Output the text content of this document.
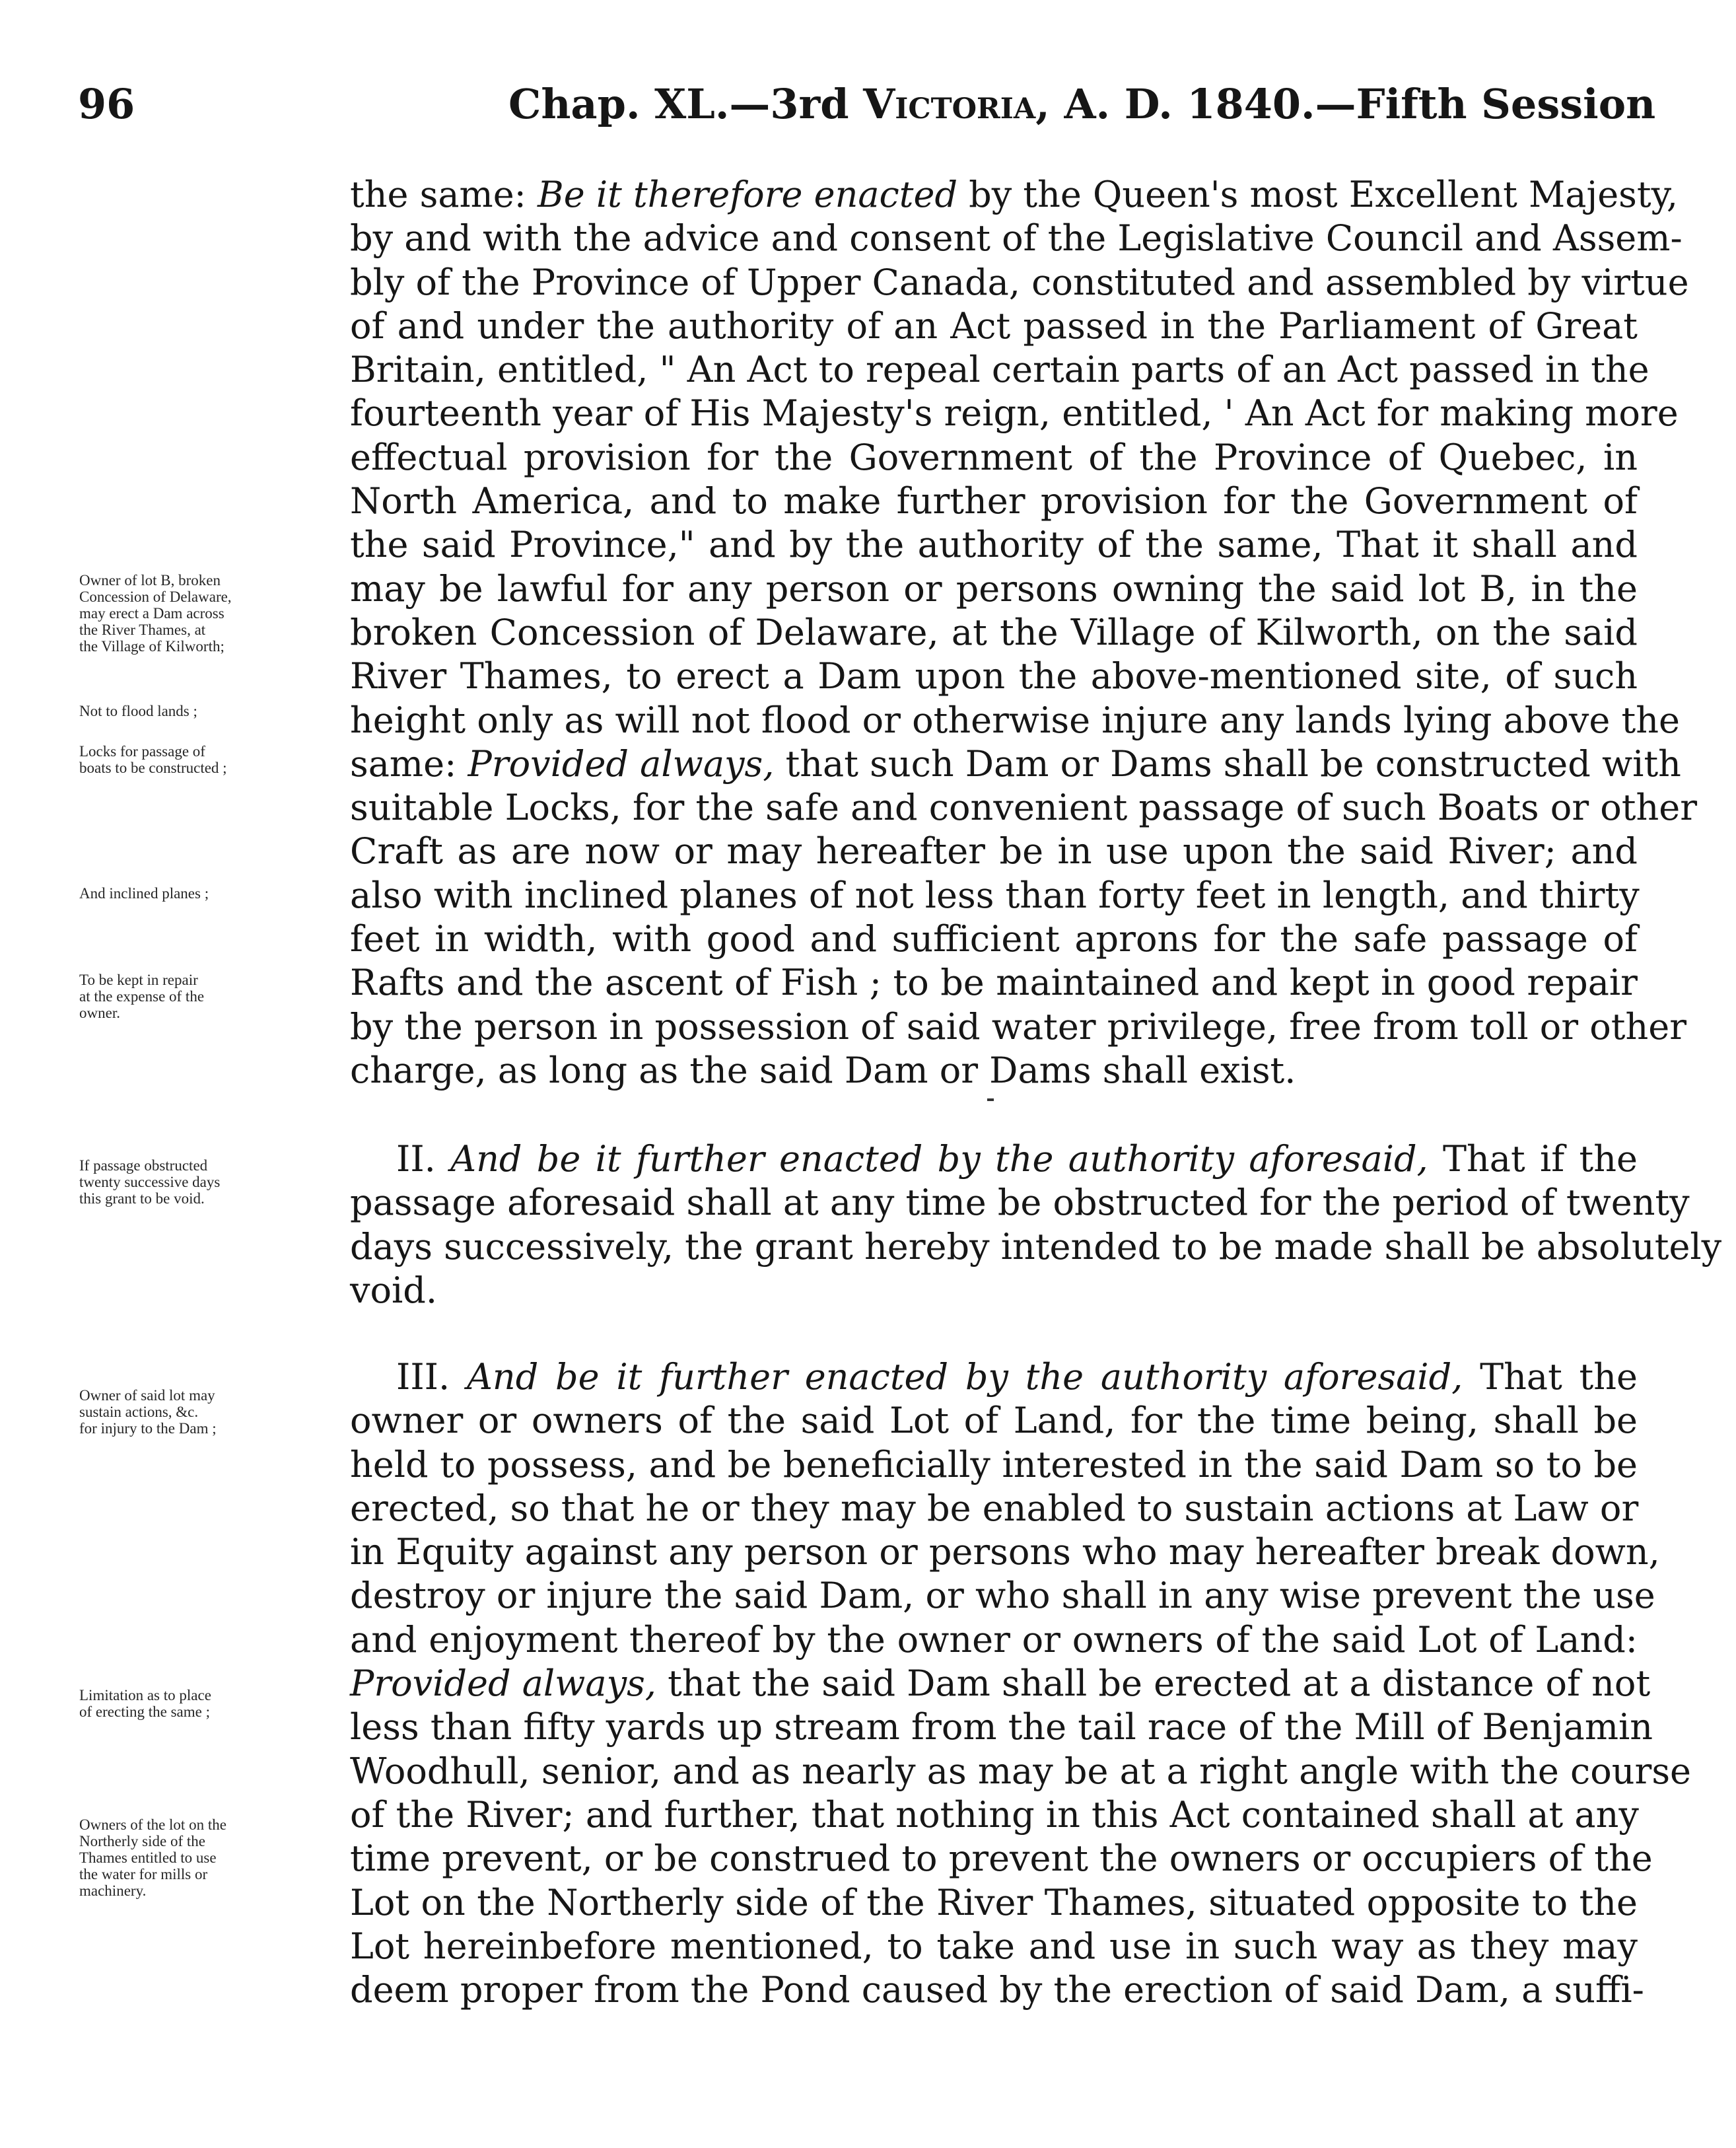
96	Chap. XL.—3rd Victoria, A. D. 1840.—Fifth Session
the same: Be it therefore enacted by the Queen's most Excellent Majesty,
by and with the advice and consent of the Legislative Council and Assem-
bly of the Province of Upper Canada, constituted and assembled by virtue
of and under the authority of an Act passed in the Parliament of Great
Britain, entitled, " An Act to repeal certain parts of an Act passed in the
fourteenth year of His Majesty's reign, entitled, ' An Act for making more
effectual provision for the Government of the Province of Quebec, in
North America, and to make further provision for the Government of
the said Province," and by the authority of the same, That it shall and
may be lawful for any person or persons owning the said lot B, in the
broken Concession of Delaware, at the Village of Kilworth, on the said
River Thames, to erect a Dam upon the above-mentioned site, of such
height only as will not flood or otherwise injure any lands lying above the
same: Provided always, that such Dam or Dams shall be constructed with
suitable Locks, for the safe and convenient passage of such Boats or other
Craft as are now or may hereafter be in use upon the said River; and
also with inclined planes of not less than forty feet in length, and thirty
feet in width, with good and sufficient aprons for the safe passage of
Rafts and the ascent of Fish ; to be maintained and kept in good repair
by the person in possession of said water privilege, free from toll or other
charge, as long as the said Dam or Dams shall exist.
II. And be it further enacted by the authority aforesaid, That if the
passage aforesaid shall at any time be obstructed for the period of twenty
days successively, the grant hereby intended to be made shall be absolutely
void.
III. And be it further enacted by the authority aforesaid, That the
owner or owners of the said Lot of Land, for the time being, shall be
held to possess, and be beneficially interested in the said Dam so to be
erected, so that he or they may be enabled to sustain actions at Law or
in Equity against any person or persons who may hereafter break down,
destroy or injure the said Dam, or who shall in any wise prevent the use
and enjoyment thereof by the owner or owners of the said Lot of Land:
Provided always, that the said Dam shall be erected at a distance of not
less than fifty yards up stream from the tail race of the Mill of Benjamin
Woodhull, senior, and as nearly as may be at a right angle with the course
of the River; and further, that nothing in this Act contained shall at any
time prevent, or be construed to prevent the owners or occupiers of the
Lot on the Northerly side of the River Thames, situated opposite to the
Lot hereinbefore mentioned, to take and use in such way as they may
deem proper from the Pond caused by the erection of said Dam, a suffi-
Owner of lot B, broken
Concession of Delaware,
may erect a Dam across
the River Thames, at
the Village of Kilworth;
Not to flood lands ;
Locks for passage of
boats to be constructed ;
And inclined planes ;
To be kept in repair
at the expense of the
owner.
If passage obstructed
twenty successive days
this grant to be void.
Owner of said lot may
sustain actions, &c.
for injury to the Dam ;
Limitation as to place
of erecting the same ;
Owners of the lot on the
Northerly side of the
Thames entitled to use
the water for mills or
machinery.
